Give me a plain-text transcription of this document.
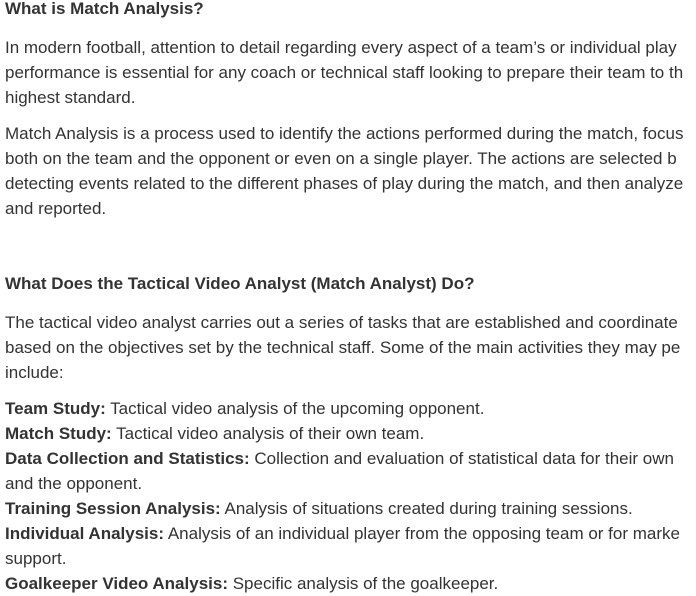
What is Match Analysis?
In modern football, attention to detail regarding every aspect of a team’s or individual play
performance is essential for any coach or technical staff looking to prepare their team to th
highest standard.
Match Analysis is a process used to identify the actions performed during the match, focus
both on the team and the opponent or even on a single player. The actions are selected b
detecting events related to the different phases of play during the match, and then analyze
and reported.
What Does the Tactical Video Analyst (Match Analyst) Do?
The tactical video analyst carries out a series of tasks that are established and coordinate
based on the objectives set by the technical staff. Some of the main activities they may pe
include:
Team Study: Tactical video analysis of the upcoming opponent.
Match Study: Tactical video analysis of their own team.
Data Collection and Statistics: Collection and evaluation of statistical data for their own
and the opponent.
Training Session Analysis: Analysis of situations created during training sessions.
Individual Analysis: Analysis of an individual player from the opposing team or for marke
support.
Goalkeeper Video Analysis: Specific analysis of the goalkeeper.
